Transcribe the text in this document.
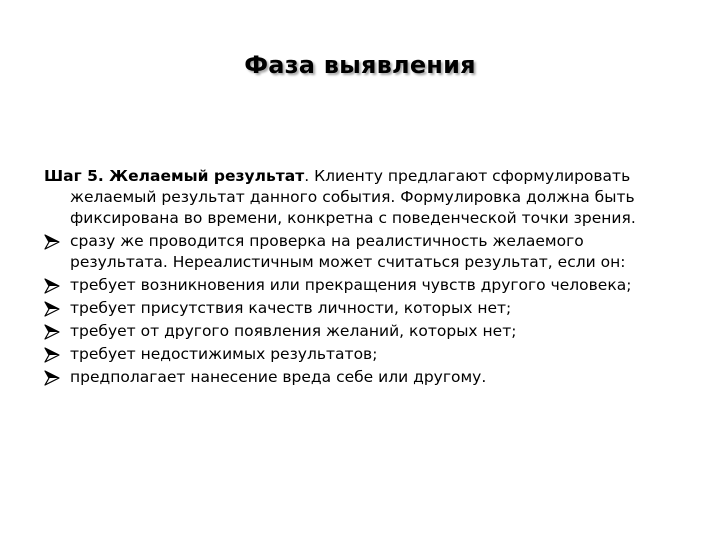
Фаза выявления

Шаг 5. Желаемый результат. Клиенту предлагают сформулировать желаемый результат данного события. Формулировка должна быть фиксирована во времени, конкретна с поведенческой точки зрения.

сразу же проводится проверка на реалистичность желаемого результата. Нереалистичным может считаться результат, если он:
требует возникновения или прекращения чувств другого человека;
требует присутствия качеств личности, которых нет;
требует от другого появления желаний, которых нет;
требует недостижимых результатов;
предполагает нанесение вреда себе или другому.
